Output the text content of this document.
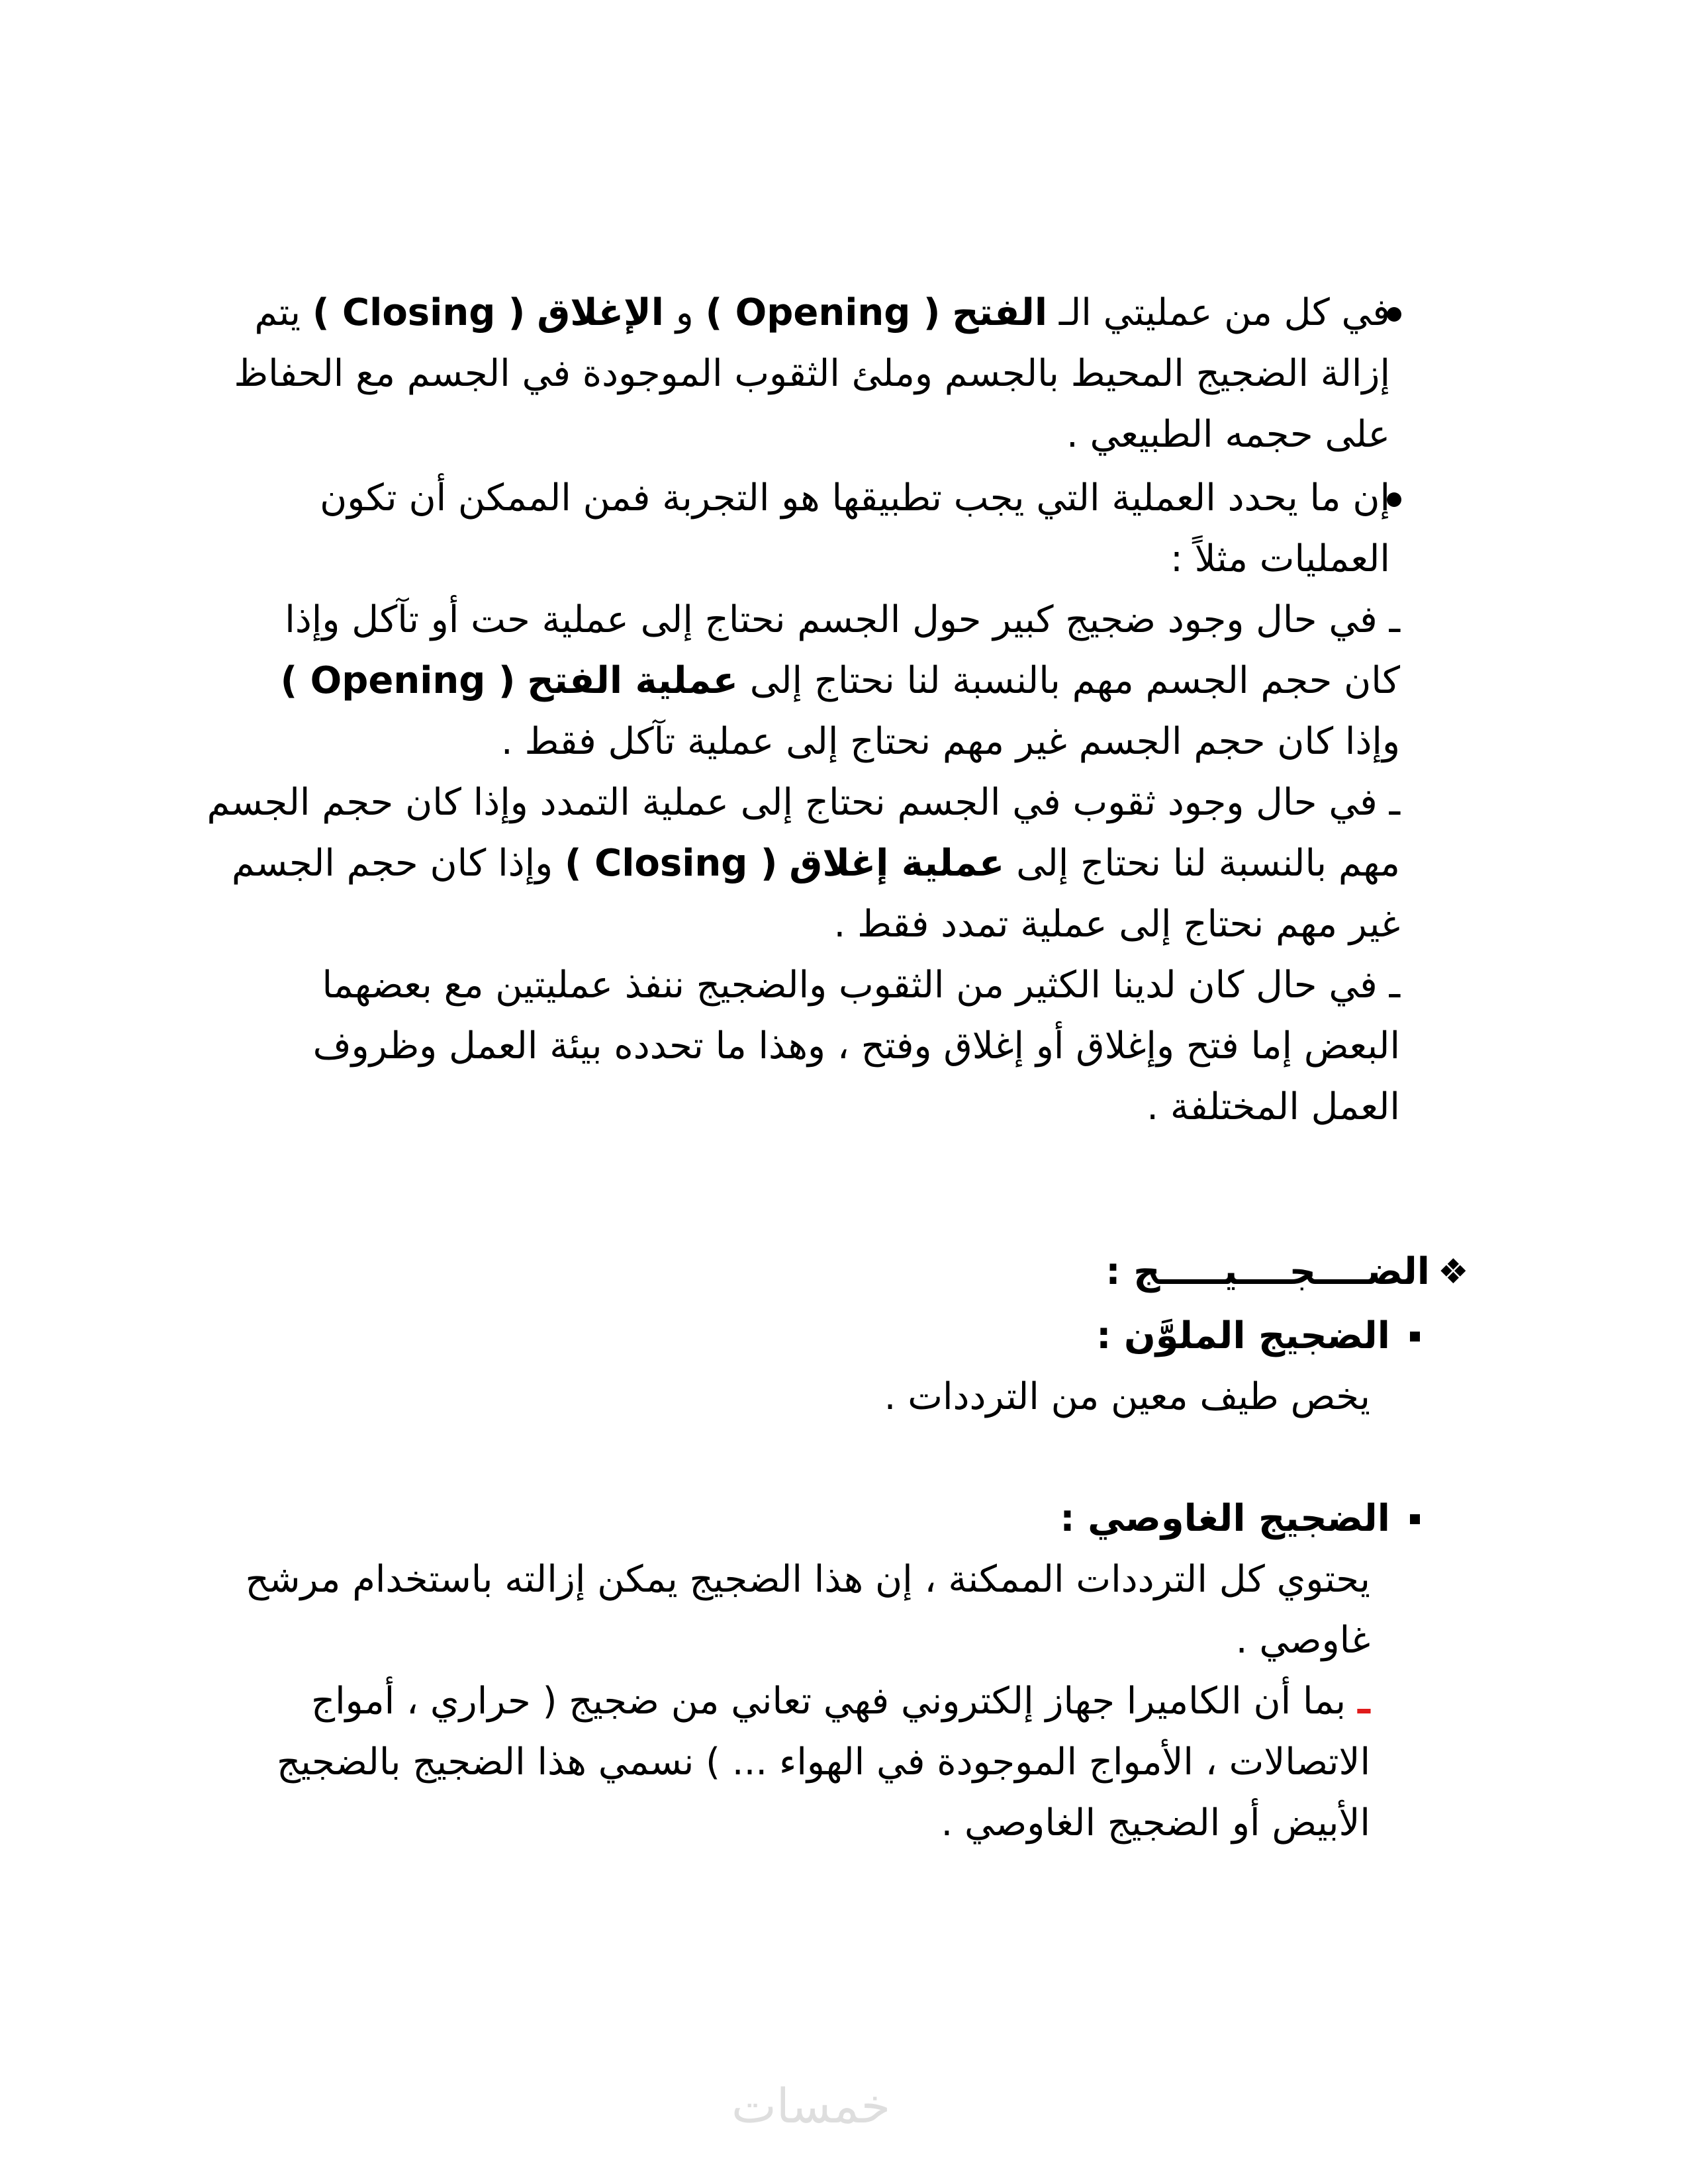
في كل من عمليتي الـ الفتح ( Opening ) و الإغلاق ( Closing ) يتم
إزالة الضجيج المحيط بالجسم وملئ الثقوب الموجودة في الجسم مع الحفاظ
على حجمه الطبيعي .
إن ما يحدد العملية التي يجب تطبيقها هو التجربة فمن الممكن أن تكون
العمليات مثلاً :
ـ في حال وجود ضجيج كبير حول الجسم نحتاج إلى عملية حت أو تآكل وإذا
كان حجم الجسم مهم بالنسبة لنا نحتاج إلى عملية الفتح ( Opening )
وإذا كان حجم الجسم غير مهم نحتاج إلى عملية تآكل فقط .
ـ في حال وجود ثقوب في الجسم نحتاج إلى عملية التمدد وإذا كان حجم الجسم
مهم بالنسبة لنا نحتاج إلى عملية إغلاق ( Closing ) وإذا كان حجم الجسم
غير مهم نحتاج إلى عملية تمدد فقط .
ـ في حال كان لدينا الكثير من الثقوب والضجيج ننفذ عمليتين مع بعضهما
البعض إما فتح وإغلاق أو إغلاق وفتح ، وهذا ما تحدده بيئة العمل وظروف
العمل المختلفة .
❖
الضــــجــــيـــــج :
الضجيج الملوَّن :
يخص طيف معين من الترددات .
الضجيج الغاوصي :
يحتوي كل الترددات الممكنة ، إن هذا الضجيج يمكن إزالته باستخدام مرشح
غاوصي .
ـ بما أن الكاميرا جهاز إلكتروني فهي تعاني من ضجيج ( حراري ، أمواج
الاتصالات ، الأمواج الموجودة في الهواء ... ) نسمي هذا الضجيج بالضجيج
الأبيض أو الضجيج الغاوصي .
خمسات
